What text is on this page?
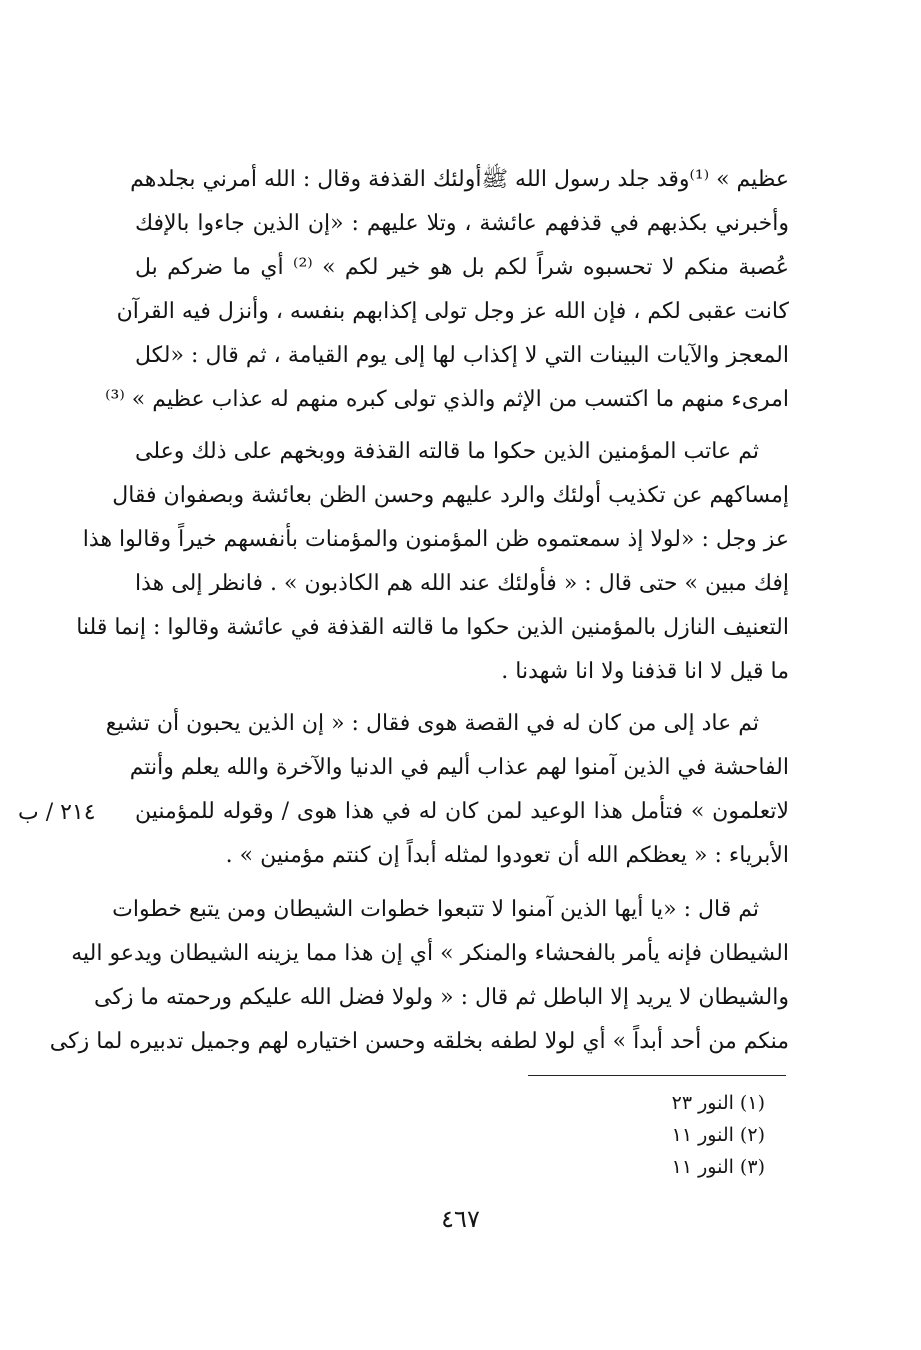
عظيم » ⁽¹⁾وقد جلد رسول الله ﷺأولئك القذفة وقال : الله أمرني بجلدهم
وأخبرني بكذبهم في قذفهم عائشة ، وتلا عليهم : «إن الذين جاءوا بالإفك
عُصبة منكم لا تحسبوه شراً لكم بل هو خير لكم » ⁽²⁾ أي ما ضركم بل
كانت عقبى لكم ، فإن الله عز وجل تولى إكذابهم بنفسه ، وأنزل فيه القرآن
المعجز والآيات البينات التي لا إكذاب لها إلى يوم القيامة ، ثم قال : «لكل
امرىء منهم ما اكتسب من الإثم والذي تولى كبره منهم له عذاب عظيم » ⁽³⁾
ثم عاتب المؤمنين الذين حكوا ما قالته القذفة ووبخهم على ذلك وعلى
إمساكهم عن تكذيب أولئك والرد عليهم وحسن الظن بعائشة وبصفوان فقال
عز وجل : «لولا إذ سمعتموه ظن المؤمنون والمؤمنات بأنفسهم خيراً وقالوا هذا
إفك مبين » حتى قال : « فأولئك عند الله هم الكاذبون » . فانظر إلى هذا
التعنيف النازل بالمؤمنين الذين حكوا ما قالته القذفة في عائشة وقالوا : إنما قلنا
ما قيل لا انا قذفنا ولا انا شهدنا .
ثم عاد إلى من كان له في القصة هوى فقال : « إن الذين يحبون أن تشيع
الفاحشة في الذين آمنوا لهم عذاب أليم في الدنيا والآخرة والله يعلم وأنتم
لاتعلمون » فتأمل هذا الوعيد لمن كان له في هذا هوى / وقوله للمؤمنين
الأبرياء : « يعظكم الله أن تعودوا لمثله أبداً إن كنتم مؤمنين » .
ثم قال : «يا أيها الذين آمنوا لا تتبعوا خطوات الشيطان ومن يتبع خطوات
الشيطان فإنه يأمر بالفحشاء والمنكر » أي إن هذا مما يزينه الشيطان ويدعو اليه
والشيطان لا يريد إلا الباطل ثم قال : « ولولا فضل الله عليكم ورحمته ما زكى
منكم من أحد أبداً » أي لولا لطفه بخلقه وحسن اختياره لهم وجميل تدبيره لما زكى
٢١٤ / ب
(١) النور ٢٣
(٢) النور ١١
(٣) النور ١١
٤٦٧
